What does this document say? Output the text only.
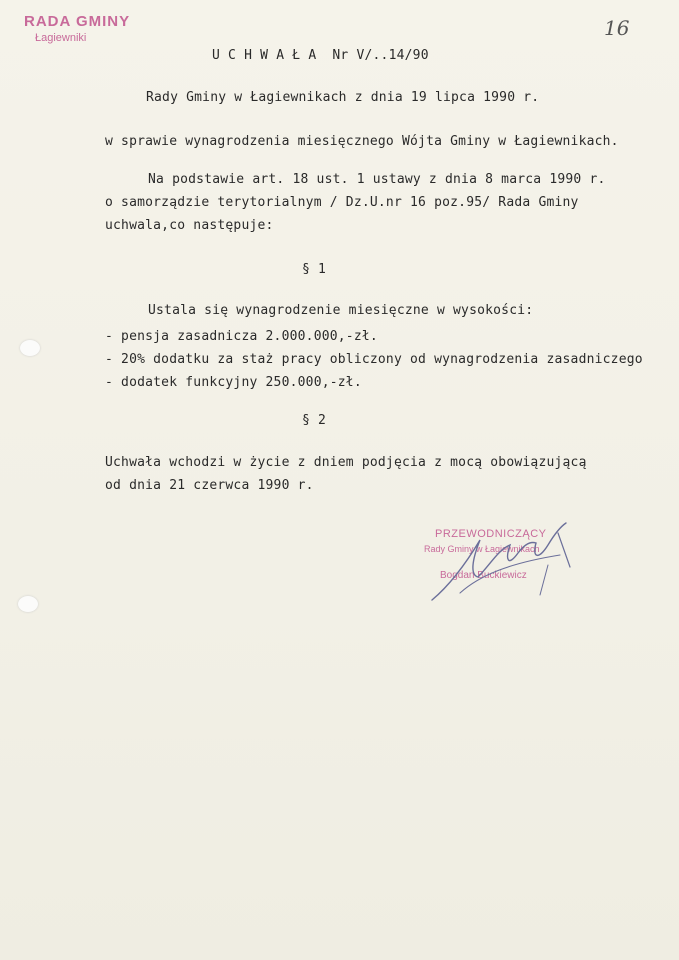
RADA GMINY
Łagiewniki	16
U C H W A Ł A  Nr V/..14/90
Rady Gminy w Łagiewnikach z dnia 19 lipca 1990 r.
w sprawie wynagrodzenia miesięcznego Wójta Gminy w Łagiewnikach.
Na podstawie art. 18 ust. 1 ustawy z dnia 8 marca 1990 r.
o samorządzie terytorialnym / Dz.U.nr 16 poz.95/ Rada Gminy
uchwala,co następuje:
§ 1
Ustala się wynagrodzenie miesięczne w wysokości:
- pensja zasadnicza 2.000.000,-zł.
- 20% dodatku za staż pracy obliczony od wynagrodzenia zasadniczego
- dodatek funkcyjny 250.000,-zł.
§ 2
Uchwała wchodzi w życie z dniem podjęcia z mocą obowiązującą
od dnia 21 czerwca 1990 r.
PRZEWODNICZĄCY
Rady Gminy w Łagiewnikach
Bogdan Buckiewicz
